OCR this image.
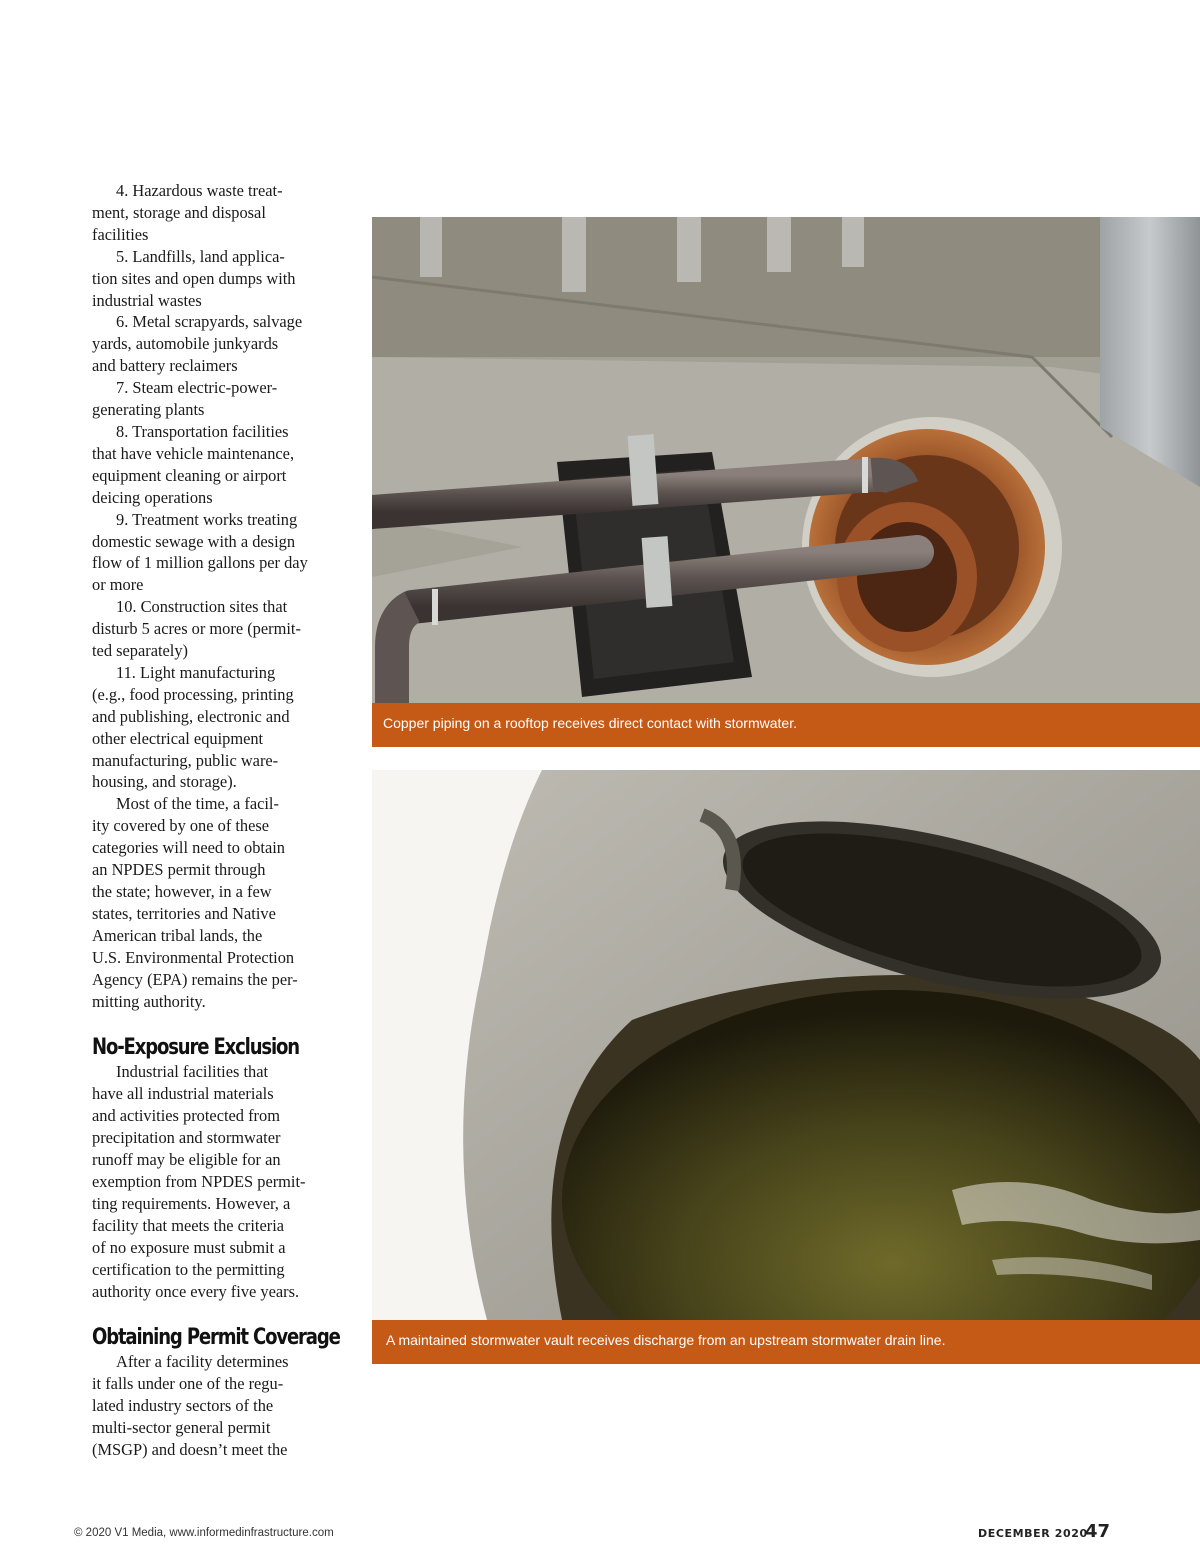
4. Hazardous waste treat-
ment, storage and disposal
facilities

5. Landfills, land applica-
tion sites and open dumps with
industrial wastes

6. Metal scrapyards, salvage
yards, automobile junkyards
and battery reclaimers

7. Steam electric-power-
generating plants

8. Transportation facilities
that have vehicle maintenance,
equipment cleaning or airport
deicing operations

9. Treatment works treating
domestic sewage with a design
flow of 1 million gallons per day
or more

10. Construction sites that
disturb 5 acres or more (permit-
ted separately)

11. Light manufacturing
(e.g., food processing, printing
and publishing, electronic and
other electrical equipment
manufacturing, public ware-
housing, and storage).

Most of the time, a facil-
ity covered by one of these
categories will need to obtain
an NPDES permit through
the state; however, in a few
states, territories and Native
American tribal lands, the
U.S. Environmental Protection
Agency (EPA) remains the per-
mitting authority.

No-Exposure Exclusion

Industrial facilities that
have all industrial materials
and activities protected from
precipitation and stormwater
runoff may be eligible for an
exemption from NPDES permit-
ting requirements. However, a
facility that meets the criteria
of no exposure must submit a
certification to the permitting
authority once every five years.

Obtaining Permit Coverage

After a facility determines
it falls under one of the regu-
lated industry sectors of the
multi-sector general permit
(MSGP) and doesn’t meet the

Copper piping on a rooftop receives direct contact with stormwater.
A maintained stormwater vault receives discharge from an upstream stormwater drain line.
© 2020 V1 Media, www.informedinfrastructure.com	DECEMBER 2020
47
